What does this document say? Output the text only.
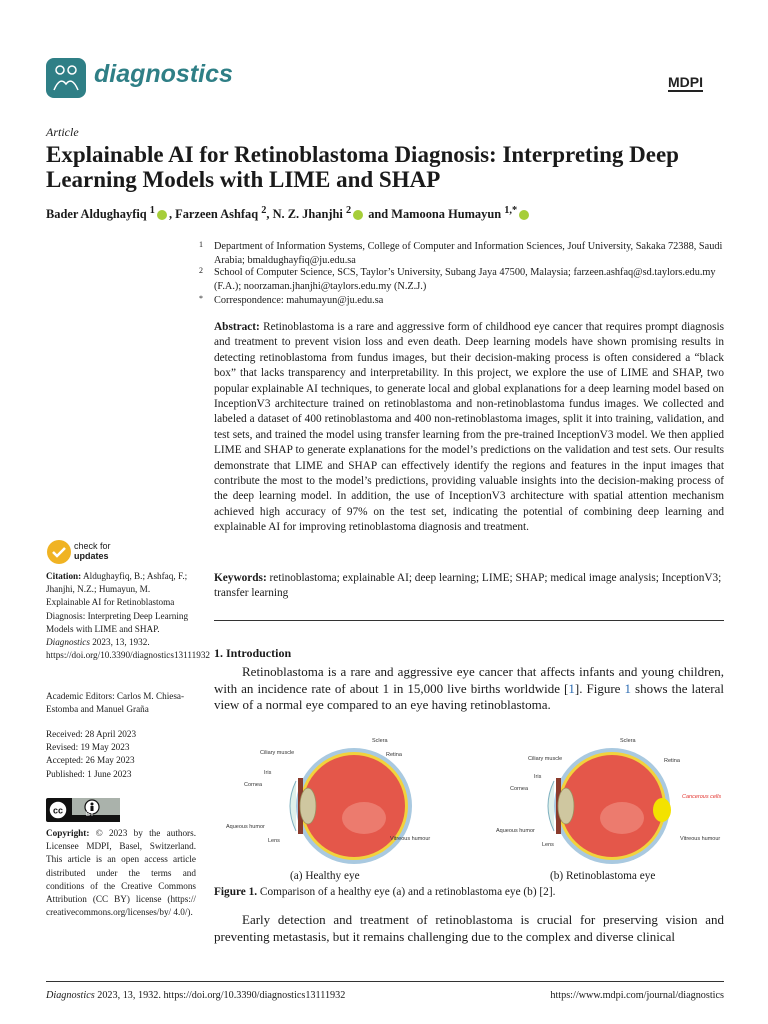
diagnostics	MDPI
Article
Explainable AI for Retinoblastoma Diagnosis: Interpreting Deep Learning Models with LIME and SHAP
Bader Aldughayfiq $^1$ , Farzeen Ashfaq $^2$, N. Z. Jhanjhi $^2$ and Mamoona Humayun $^{1,*}$
1 Department of Information Systems, College of Computer and Information Sciences, Jouf University, Sakaka 72388, Saudi Arabia; bmaldughayfiq@ju.edu.sa
2 School of Computer Science, SCS, Taylor’s University, Subang Jaya 47500, Malaysia; farzeen.ashfaq@sd.taylors.edu.my (F.A.); noorzaman.jhanjhi@taylors.edu.my (N.Z.J.)
* Correspondence: mahumayun@ju.edu.sa
Abstract: Retinoblastoma is a rare and aggressive form of childhood eye cancer that requires prompt diagnosis and treatment to prevent vision loss and even death. Deep learning models have shown promising results in detecting retinoblastoma from fundus images, but their decision-making process is often considered a “black box” that lacks transparency and interpretability. In this project, we explore the use of LIME and SHAP, two popular explainable AI techniques, to generate local and global explanations for a deep learning model based on InceptionV3 architecture trained on retinoblastoma and non-retinoblastoma fundus images. We collected and labeled a dataset of 400 retinoblastoma and 400 non-retinoblastoma images, split it into training, validation, and test sets, and trained the model using transfer learning from the pre-trained InceptionV3 model. We then applied LIME and SHAP to generate explanations for the model’s predictions on the validation and test sets. Our results demonstrate that LIME and SHAP can effectively identify the regions and features in the input images that contribute the most to the model’s predictions, providing valuable insights into the decision-making process of the deep learning model. In addition, the use of InceptionV3 architecture with spatial attention mechanism achieved high accuracy of 97% on the test set, indicating the potential of combining deep learning and explainable AI for improving retinoblastoma diagnosis and treatment.
Keywords: retinoblastoma; explainable AI; deep learning; LIME; SHAP; medical image analysis; InceptionV3; transfer learning
check for
updates
Citation: Aldughayfiq, B.; Ashfaq, F.; Jhanjhi, N.Z.; Humayun, M. Explainable AI for Retinoblastoma Diagnosis: Interpreting Deep Learning Models with LIME and SHAP. Diagnostics 2023, 13, 1932. https://doi.org/10.3390/diagnostics13111932
Academic Editors: Carlos M. Chiesa-Estomba and Manuel Graña
Received: 28 April 2023
Revised: 19 May 2023
Accepted: 26 May 2023
Published: 1 June 2023
cc	BY
Copyright: © 2023 by the authors. Licensee MDPI, Basel, Switzerland. This article is an open access article distributed under the terms and conditions of the Creative Commons Attribution (CC BY) license (https:// creativecommons.org/licenses/by/ 4.0/).
1. Introduction
Retinoblastoma is a rare and aggressive eye cancer that affects infants and young children, with an incidence rate of about 1 in 15,000 live births worldwide [1]. Figure 1 shows the lateral view of a normal eye compared to an eye having retinoblastoma.
Sclera
Ciliary muscle	Retina
Iris
Cornea
Aqueous humor
Lens	Vitreous humour
Sclera
Ciliary muscle	Retina
Iris
Cornea
Aqueous humor
Lens
Cancerous cells
Vitreous humour
(a) Healthy eye	(b) Retinoblastoma eye
Figure 1. Comparison of a healthy eye (a) and a retinoblastoma eye (b) [2].
Early detection and treatment of retinoblastoma is crucial for preserving vision and preventing metastasis, but it remains challenging due to the complex and diverse clinical
Diagnostics 2023, 13, 1932. https://doi.org/10.3390/diagnostics13111932	https://www.mdpi.com/journal/diagnostics
